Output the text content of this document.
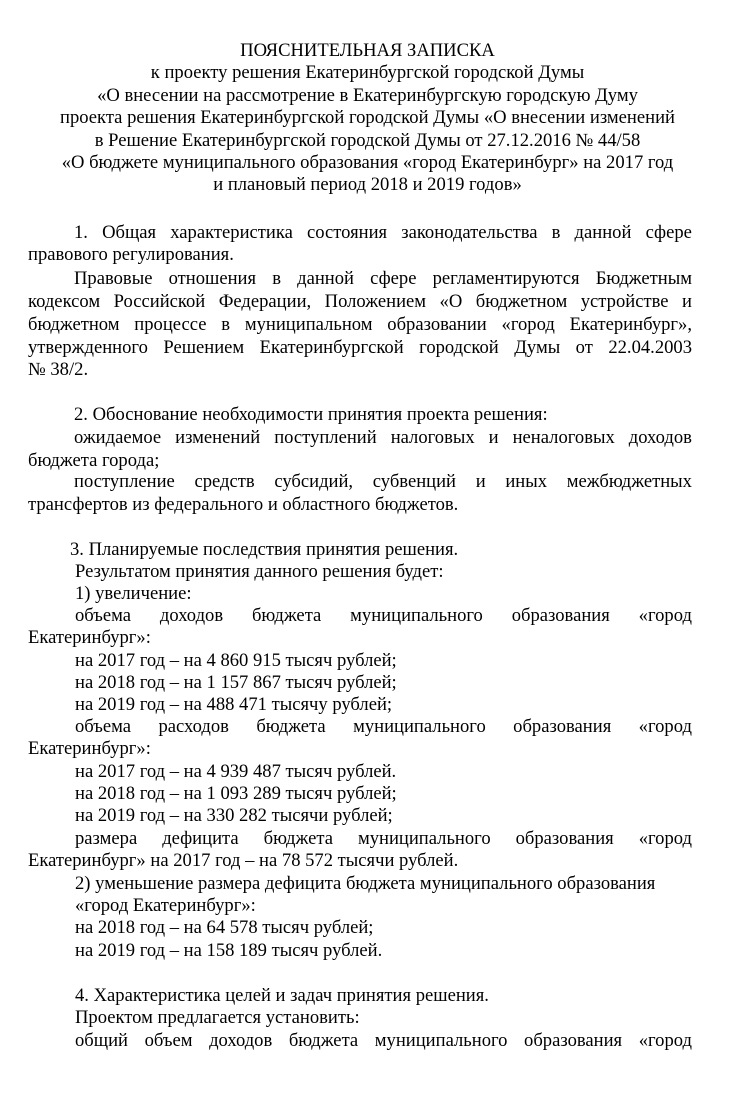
ПОЯСНИТЕЛЬНАЯ ЗАПИСКА
к проекту решения Екатеринбургской городской Думы
«О внесении на рассмотрение в Екатеринбургскую городскую Думу
проекта решения Екатеринбургской городской Думы «О внесении изменений
в Решение Екатеринбургской городской Думы от 27.12.2016 № 44/58
«О бюджете муниципального образования «город Екатеринбург» на 2017 год
и плановый период 2018 и 2019 годов»
1. Общая характеристика состояния законодательства в данной сфере
правового регулирования.
Правовые отношения в данной сфере регламентируются Бюджетным
кодексом Российской Федерации, Положением «О бюджетном устройстве и
бюджетном процессе в муниципальном образовании «город Екатеринбург»,
утвержденного Решением Екатеринбургской городской Думы от 22.04.2003
№ 38/2.
2. Обоснование необходимости принятия проекта решения:
ожидаемое изменений поступлений налоговых и неналоговых доходов
бюджета города;
поступление средств субсидий, субвенций и иных межбюджетных
трансфертов из федерального и областного бюджетов.
3. Планируемые последствия принятия решения.
Результатом принятия данного решения будет:
1) увеличение:
объема доходов бюджета муниципального образования «город
Екатеринбург»:
на 2017 год – на 4 860 915 тысяч рублей;
на 2018 год – на 1 157 867 тысяч рублей;
на 2019 год – на 488 471 тысячу рублей;
объема расходов бюджета муниципального образования «город
Екатеринбург»:
на 2017 год – на 4 939 487 тысяч рублей.
на 2018 год – на 1 093 289 тысяч рублей;
на 2019 год – на 330 282 тысячи рублей;
размера дефицита бюджета муниципального образования «город
Екатеринбург» на 2017 год – на 78 572 тысячи рублей.
2) уменьшение размера дефицита бюджета муниципального образования
«город Екатеринбург»:
на 2018 год – на 64 578 тысяч рублей;
на 2019 год – на 158 189 тысяч рублей.
4. Характеристика целей и задач принятия решения.
Проектом предлагается установить:
общий объем доходов бюджета муниципального образования «город
